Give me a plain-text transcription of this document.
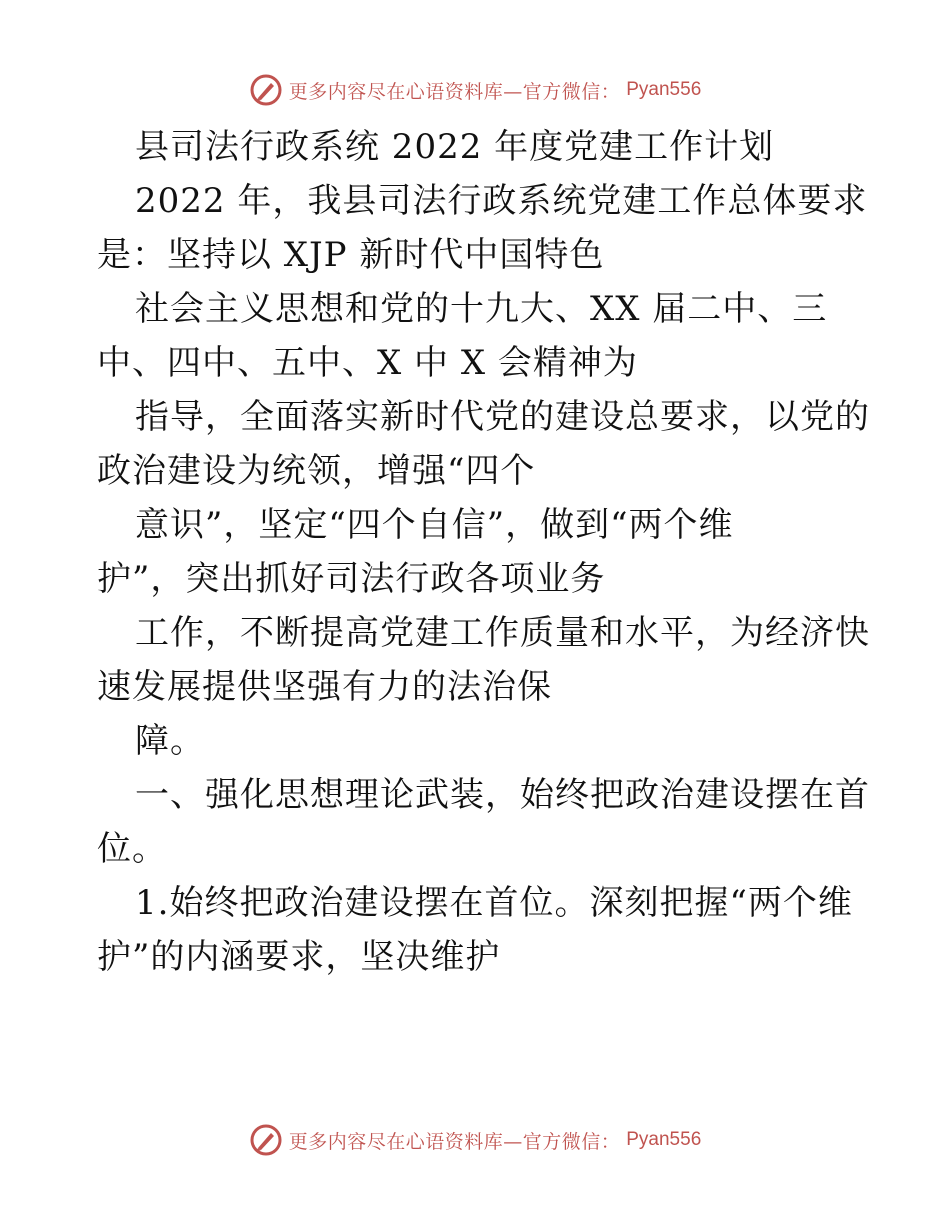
更多内容尽在心语资料库—官方微信： Pyan556
县司法行政系统 2022 年度党建工作计划
2022 年，我县司法行政系统党建工作总体要求
是：坚持以 XJP 新时代中国特色
社会主义思想和党的十九大、XX 届二中、三
中、四中、五中、X 中 X 会精神为
指导，全面落实新时代党的建设总要求，以党的
政治建设为统领，增强“四个
意识”，坚定“四个自信”，做到“两个维
护”，突出抓好司法行政各项业务
工作，不断提高党建工作质量和水平，为经济快
速发展提供坚强有力的法治保
障。
一、强化思想理论武装，始终把政治建设摆在首
位。
1.始终把政治建设摆在首位。深刻把握“两个维
护”的内涵要求，坚决维护
更多内容尽在心语资料库—官方微信： Pyan556
